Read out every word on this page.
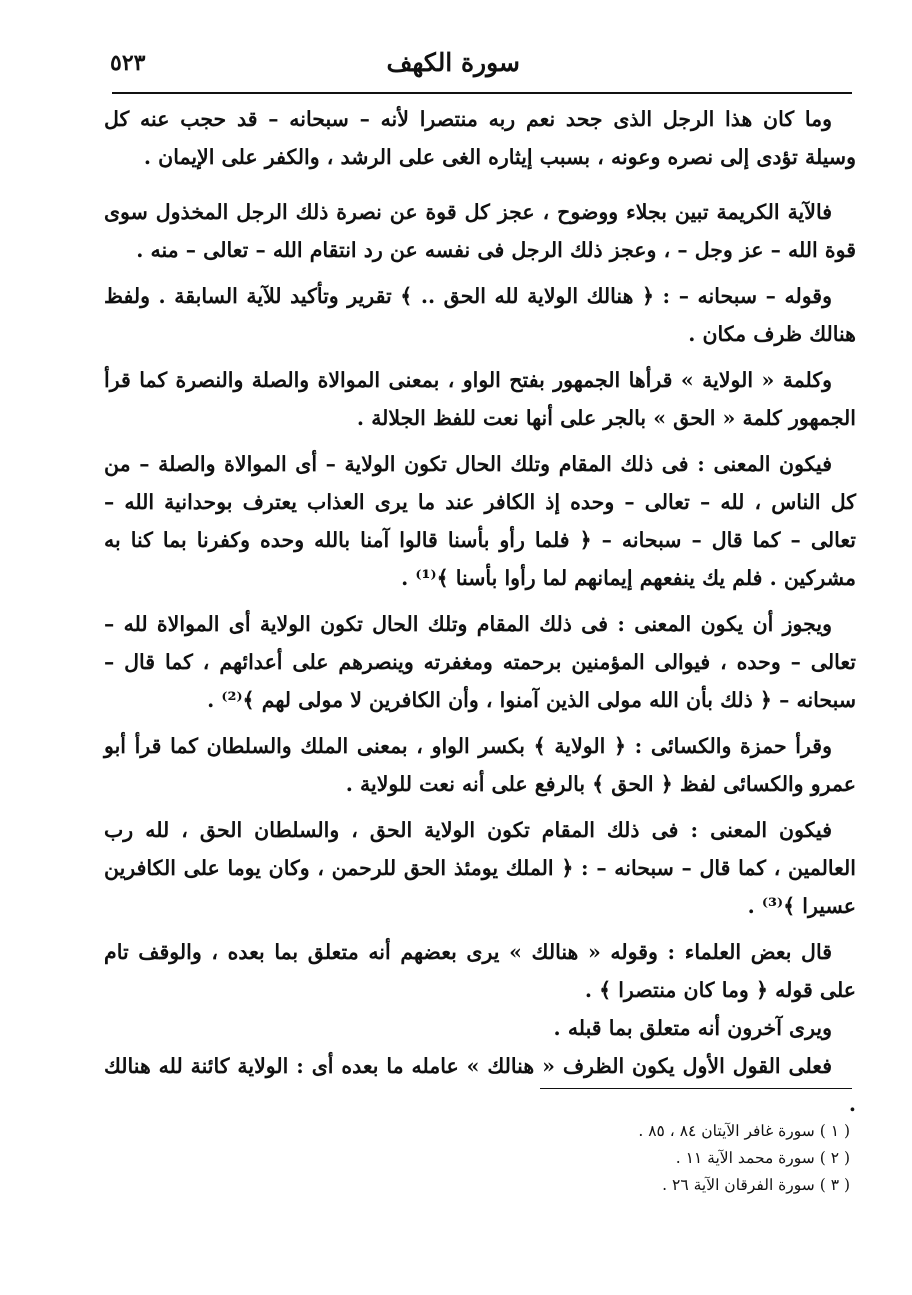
سورة الكهف
٥٢٣

وما كان هذا الرجل الذى جحد نعم ربه منتصرا لأنه – سبحانه – قد حجب عنه كل وسيلة تؤدى إلى نصره وعونه ، بسبب إيثاره الغى على الرشد ، والكفر على الإيمان .

فالآية الكريمة تبين بجلاء ووضوح ، عجز كل قوة عن نصرة ذلك الرجل المخذول سوى قوة الله – عز وجل – ، وعجز ذلك الرجل فى نفسه عن رد انتقام الله – تعالى – منه .

وقوله – سبحانه – : ﴿ هنالك الولاية لله الحق .. ﴾ تقرير وتأكيد للآية السابقة . ولفظ هنالك ظرف مكان .

وكلمة « الولاية » قرأها الجمهور بفتح الواو ، بمعنى الموالاة والصلة والنصرة كما قرأ الجمهور كلمة « الحق » بالجر على أنها نعت للفظ الجلالة .

فيكون المعنى : فى ذلك المقام وتلك الحال تكون الولاية – أى الموالاة والصلة – من كل الناس ، لله – تعالى – وحده إذ الكافر عند ما يرى العذاب يعترف بوحدانية الله – تعالى – كما قال – سبحانه – ﴿ فلما رأو بأسنا قالوا آمنا بالله وحده وكفرنا بما كنا به مشركين . فلم يك ينفعهم إيمانهم لما رأوا بأسنا ﴾⁽¹⁾ .

ويجوز أن يكون المعنى : فى ذلك المقام وتلك الحال تكون الولاية أى الموالاة لله – تعالى – وحده ، فيوالى المؤمنين برحمته ومغفرته وينصرهم على أعدائهم ، كما قال – سبحانه – ﴿ ذلك بأن الله مولى الذين آمنوا ، وأن الكافرين لا مولى لهم ﴾⁽²⁾ .

وقرأ حمزة والكسائى : ﴿ الولاية ﴾ بكسر الواو ، بمعنى الملك والسلطان كما قرأ أبو عمرو والكسائى لفظ ﴿ الحق ﴾ بالرفع على أنه نعت للولاية .

فيكون المعنى : فى ذلك المقام تكون الولاية الحق ، والسلطان الحق ، لله رب العالمين ، كما قال – سبحانه – : ﴿ الملك يومئذ الحق للرحمن ، وكان يوما على الكافرين عسيرا ﴾⁽³⁾ .

قال بعض العلماء : وقوله « هنالك » يرى بعضهم أنه متعلق بما بعده ، والوقف تام على قوله ﴿ وما كان منتصرا ﴾ .

ويرى آخرون أنه متعلق بما قبله .

فعلى القول الأول يكون الظرف « هنالك » عامله ما بعده أى : الولاية كائنة لله هنالك .

( ١ ) سورة غافر الآيتان ٨٤ ، ٨٥ .

( ٢ ) سورة محمد الآية ١١ .

( ٣ ) سورة الفرقان الآية ٢٦ .
